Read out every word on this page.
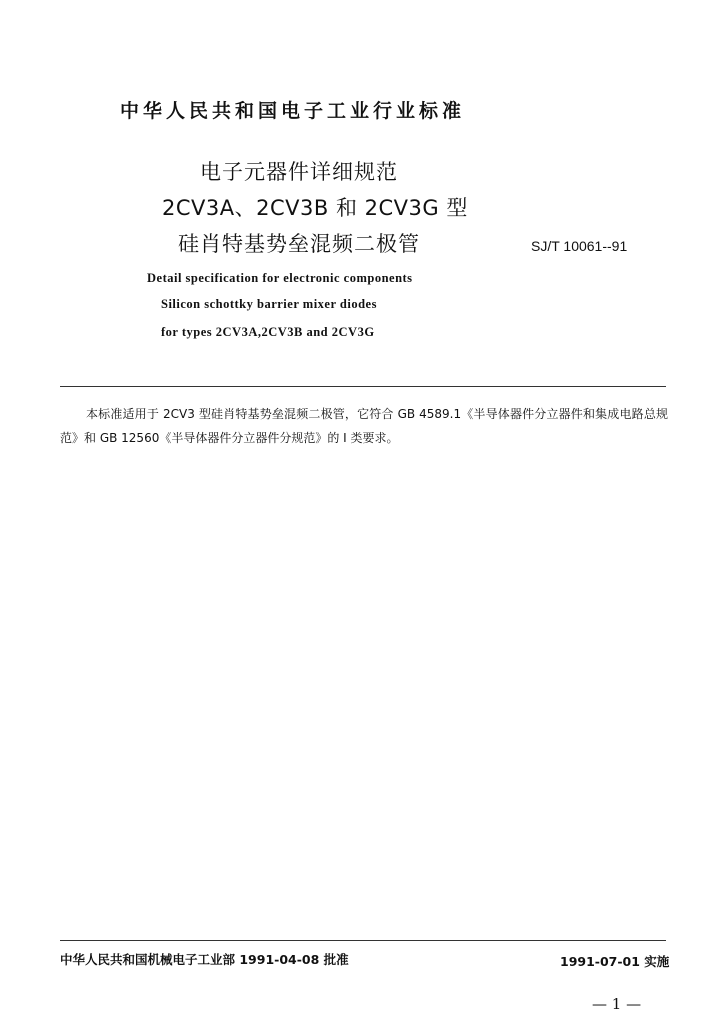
中华人民共和国电子工业行业标准
电子元器件详细规范
2CV3A、2CV3B 和 2CV3G 型
硅肖特基势垒混频二极管	SJ/T 10061--91
Detail specification for electronic components
Silicon schottky barrier mixer diodes
for types 2CV3A,2CV3B and 2CV3G

本标准适用于 2CV3 型硅肖特基势垒混频二极管，它符合 GB 4589.1《半导体器件分立器件和集成电路总规范》和 GB 12560《半导体器件分立器件分规范》的 I 类要求。

中华人民共和国机械电子工业部 1991-04-08 批准	1991-07-01 实施
— 1 —
